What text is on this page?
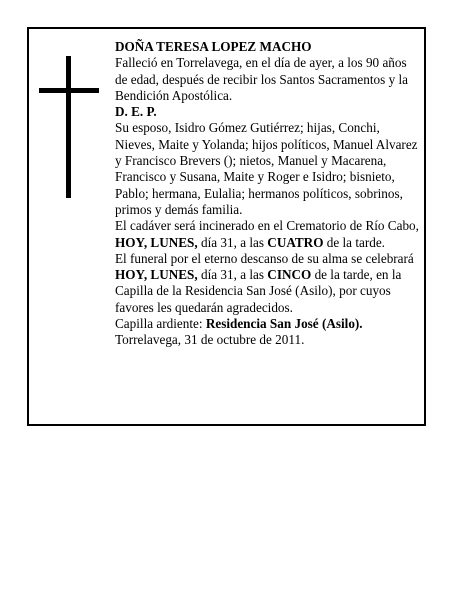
DOÑA TERESA LOPEZ MACHO

Falleció en Torrelavega, en el día de ayer, a los 90 años de edad, después de recibir los Santos Sacramentos y la Bendición Apostólica.

D. E. P.

Su esposo, Isidro Gómez Gutiérrez; hijas, Conchi, Nieves, Maite y Yolanda; hijos políticos, Manuel Alvarez y Francisco Brevers (); nietos, Manuel y Macarena, Francisco y Susana, Maite y Roger e Isidro; bisnieto, Pablo; hermana, Eulalia; hermanos políticos, sobrinos, primos y demás familia.

El cadáver será incinerado en el Crematorio de Río Cabo, HOY, LUNES, día 31, a las CUATRO de la tarde.

El funeral por el eterno descanso de su alma se celebrará HOY, LUNES, día 31, a las CINCO de la tarde, en la Capilla de la Residencia San José (Asilo), por cuyos favores les quedarán agradecidos.

Capilla ardiente: Residencia San José (Asilo).

Torrelavega, 31 de octubre de 2011.
